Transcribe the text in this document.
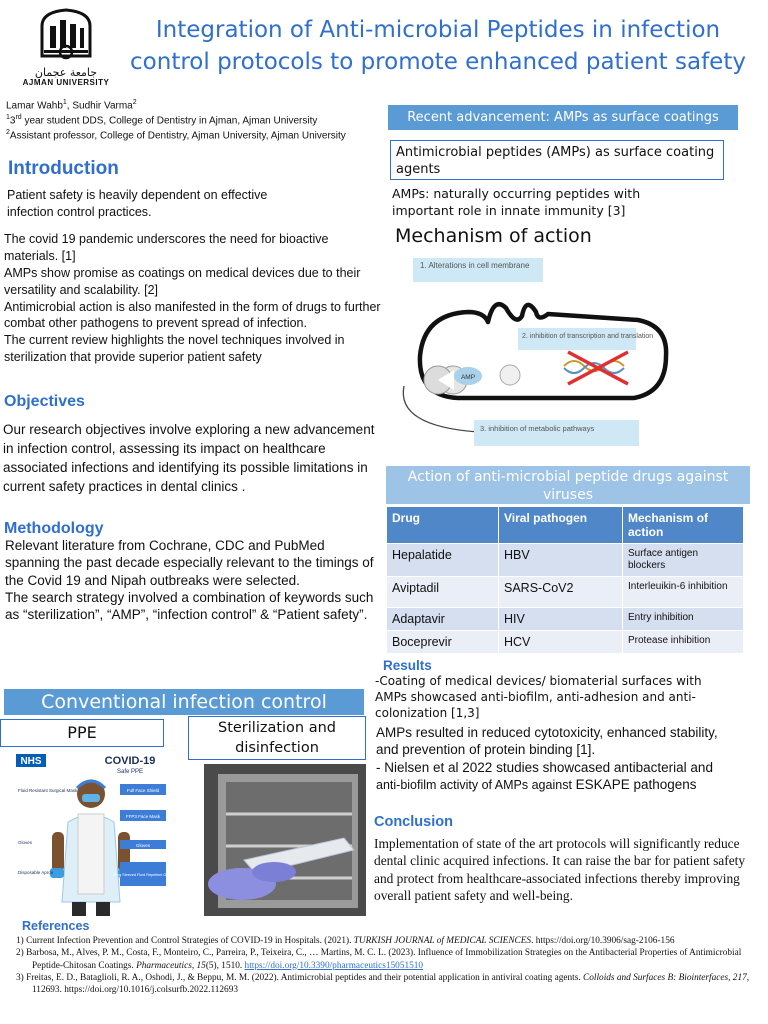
جامعة عجمان
AJMAN UNIVERSITY
Integration of Anti-microbial Peptides in infection control protocols to promote enhanced patient safety
Lamar Wahb$^1$, Sudhir Varma$^2$
$^1$3rd year student DDS, College of Dentistry in Ajman, Ajman University
$^2$Assistant professor, College of Dentistry, Ajman University, Ajman University
Introduction
Patient safety is heavily dependent on effective infection control practices.
The covid 19 pandemic underscores the need for bioactive materials. [1]
AMPs show promise as coatings on medical devices due to their versatility and scalability. [2]
Antimicrobial action is also manifested in the form of drugs to further combat other pathogens to prevent spread of infection.
The current review highlights the novel techniques involved in sterilization that provide superior patient safety
Objectives
Our research objectives involve exploring a new advancement in infection control, assessing its impact on healthcare associated infections and identifying its possible limitations in current safety practices in dental clinics .
Methodology
Relevant literature from Cochrane, CDC and PubMed spanning the past decade especially relevant to the timings of the Covid 19 and Nipah outbreaks were selected.
The search strategy involved a combination of keywords such as “sterilization”, “AMP”, “infection control” & “Patient safety”.
Conventional infection control
PPE	Sterilization and disinfection
NHS	COVID-19
Safe PPE
Full Face Shield
FFP3 Face Mask
Gloves
Long Sleeved Fluid Repellent Gown
Fluid Resistant Surgical Mask
Gloves
Disposable Apron
Recent advancement: AMPs as surface coatings
Antimicrobial peptides (AMPs) as surface coating agents
AMPs: naturally occurring peptides with important role in innate immunity [3]
Mechanism of action
1. Alterations in cell membrane
AMP
2. inhibition of transcription and translation
3. inhibition of metabolic pathways
Action of anti-microbial peptide drugs against viruses
Drug	Viral pathogen	Mechanism of action
Hepalatide	HBV	Surface antigen blockers
Aviptadil	SARS-CoV2	Interleuikin-6 inhibition
Adaptavir	HIV	Entry inhibition
Boceprevir	HCV	Protease inhibition
Results
-Coating of medical devices/ biomaterial surfaces with AMPs showcased anti-biofilm, anti-adhesion and anti-colonization [1,3]
AMPs resulted in reduced cytotoxicity, enhanced stability, and prevention of protein binding [1].
- Nielsen et al 2022 studies showcased antibacterial and anti-biofilm activity of AMPs against ESKAPE pathogens
Conclusion
Implementation of state of the art protocols will significantly reduce dental clinic acquired infections. It can raise the bar for patient safety and protect from healthcare-associated infections thereby improving overall patient safety and well-being.
References
1) Current Infection Prevention and Control Strategies of COVID-19 in Hospitals. (2021). TURKISH JOURNAL of MEDICAL SCIENCES. https://doi.org/10.3906/sag-2106-156
2) Barbosa, M., Alves, P. M., Costa, F., Monteiro, C., Parreira, P., Teixeira, C., … Martins, M. C. L. (2023). Influence of Immobilization Strategies on the Antibacterial Properties of Antimicrobial Peptide-Chitosan Coatings. Pharmaceutics, 15(5), 1510. https://doi.org/10.3390/pharmaceutics15051510
3) Freitas, E. D., Bataglioli, R. A., Oshodi, J., & Beppu, M. M. (2022). Antimicrobial peptides and their potential application in antiviral coating agents. Colloids and Surfaces B: Biointerfaces, 217, 112693. https://doi.org/10.1016/j.colsurfb.2022.112693
